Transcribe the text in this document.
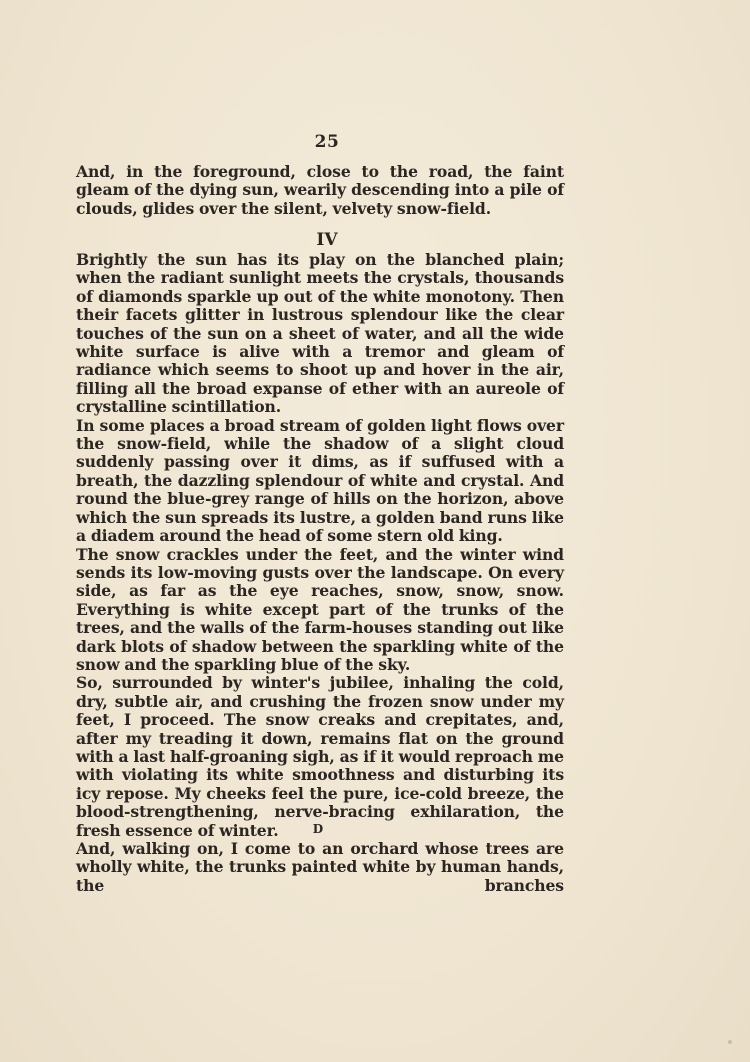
25

And, in the foreground, close to the road, the faint gleam of the dying sun, wearily descending into a pile of clouds, glides over the silent, velvety snow-field.

IV

Brightly the sun has its play on the blanched plain; when the radiant sunlight meets the crystals, thousands of diamonds sparkle up out of the white monotony. Then their facets glitter in lustrous splendour like the clear touches of the sun on a sheet of water, and all the wide white surface is alive with a tremor and gleam of radiance which seems to shoot up and hover in the air, filling all the broad expanse of ether with an aureole of crystalline scintillation.

In some places a broad stream of golden light flows over the snow-field, while the shadow of a slight cloud suddenly passing over it dims, as if suffused with a breath, the dazzling splendour of white and crystal. And round the blue-grey range of hills on the horizon, above which the sun spreads its lustre, a golden band runs like a diadem around the head of some stern old king.

The snow crackles under the feet, and the winter wind sends its low-moving gusts over the landscape. On every side, as far as the eye reaches, snow, snow, snow. Everything is white except part of the trunks of the trees, and the walls of the farm-houses standing out like dark blots of shadow between the sparkling white of the snow and the sparkling blue of the sky.

So, surrounded by winter's jubilee, inhaling the cold, dry, subtle air, and crushing the frozen snow under my feet, I proceed. The snow creaks and crepitates, and, after my treading it down, remains flat on the ground with a last half-groaning sigh, as if it would reproach me with violating its white smoothness and disturbing its icy repose. My cheeks feel the pure, ice-cold breeze, the blood-strengthening, nerve-bracing exhilaration, the fresh essence of winter.

And, walking on, I come to an orchard whose trees are wholly white, the trunks painted white by human hands, the branches

D
